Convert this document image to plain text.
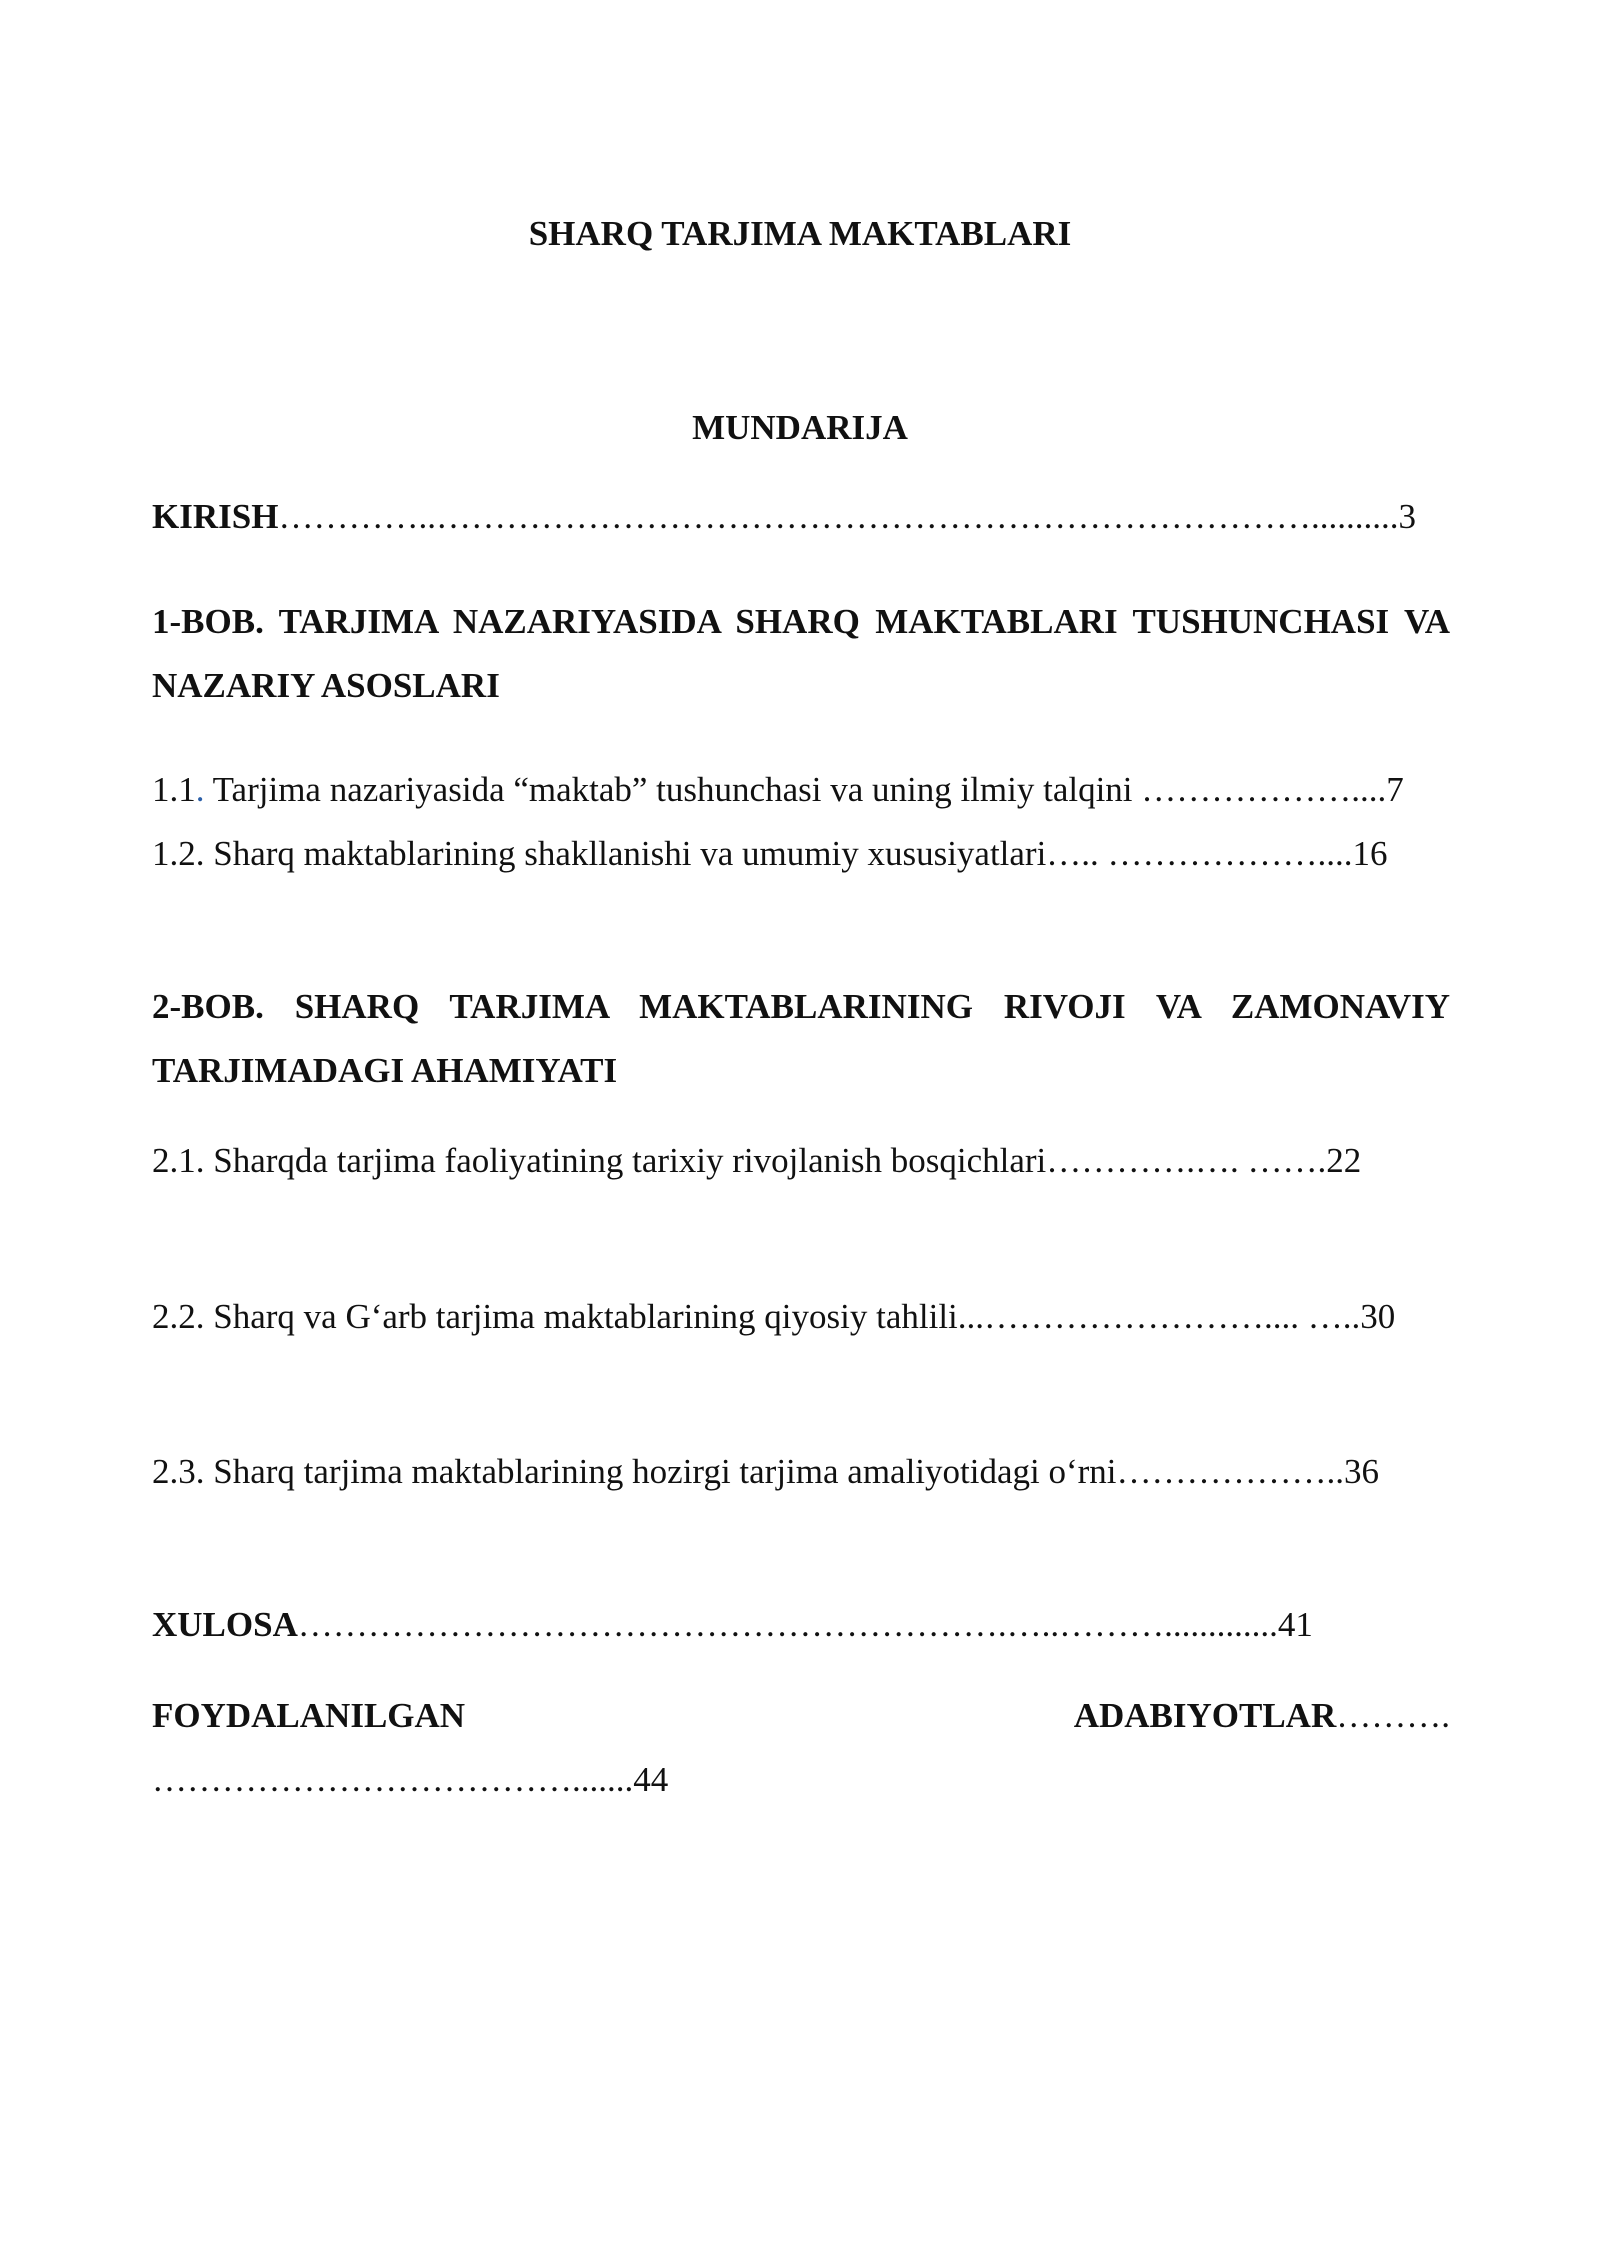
SHARQ TARJIMA MAKTABLARI
MUNDARIJA

KIRISH…………..…………………………………………………………………..........3

1-BOB. TARJIMA NAZARIYASIDA SHARQ MAKTABLARI TUSHUNCHASI VA NAZARIY ASOSLARI

1.1. Tarjima nazariyasida “maktab” tushunchasi va uning ilmiy talqini ………………....7

1.2. Sharq maktablarining shakllanishi va umumiy xususiyatlari….. ………………....16

2-BOB. SHARQ TARJIMA MAKTABLARINING RIVOJI VA ZAMONAVIY TARJIMADAGI AHAMIYATI

2.1. Sharqda tarjima faoliyatining tarixiy rivojlanish bosqichlari………….…. …….22

2.2. Sharq va G‘arb tarjima maktablarining qiyosiy tahlili...…………………….... …..30

2.3. Sharq tarjima maktablarining hozirgi tarjima amaliyotidagi o‘rni………………..36

XULOSA…………………………………………………….…..……….............41

FOYDALANILGAN	ADABIYOTLAR……….
……………………………….......44
